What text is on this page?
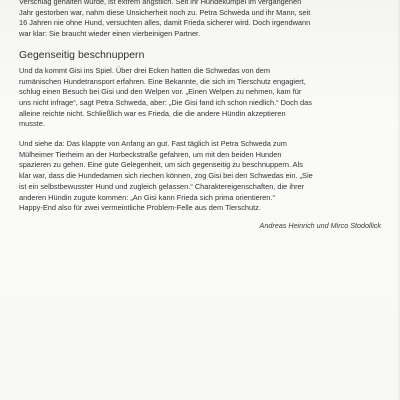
Verschlag gehalten wurde, ist extrem ängstlich. Seit ihr Hundekumpel im vergangenen
Jahr gestorben war, nahm diese Unsicherheit noch zu. Petra Schweda und ihr Mann, seit
16 Jahren nie ohne Hund, versuchten alles, damit Frieda sicherer wird. Doch irgendwann
war klar: Sie braucht wieder einen vierbeinigen Partner.

Gegenseitig beschnuppern

Und da kommt Gisi ins Spiel. Über drei Ecken hatten die Schwedas von dem
rumänischen Hundetransport erfahren. Eine Bekannte, die sich im Tierschutz engagiert,
schlug einen Besuch bei Gisi und den Welpen vor. „Einen Welpen zu nehmen, kam für
uns nicht infrage“, sagt Petra Schweda, aber: „Die Gisi fand ich schon niedlich.“ Doch das
alleine reichte nicht. Schließlich war es Frieda, die die andere Hündin akzeptieren
musste.

Und siehe da: Das klappte von Anfang an gut. Fast täglich ist Petra Schweda zum
Mülheimer Tierheim an der Horbeckstraße gefahren, um mit den beiden Hunden
spazieren zu gehen. Eine gute Gelegenheit, um sich gegenseitig zu beschnuppern. Als
klar war, dass die Hundedamen sich riechen können, zog Gisi bei den Schwedas ein. „Sie
ist ein selbstbewusster Hund und zugleich gelassen.“ Charaktereigenschaften, die ihrer
anderen Hündin zugute kommen: „An Gisi kann Frieda sich prima orientieren.“
Happy-End also für zwei vermeintliche Problem-Felle aus dem Tierschutz.

Andreas Heinrich und Mirco Stodollick
